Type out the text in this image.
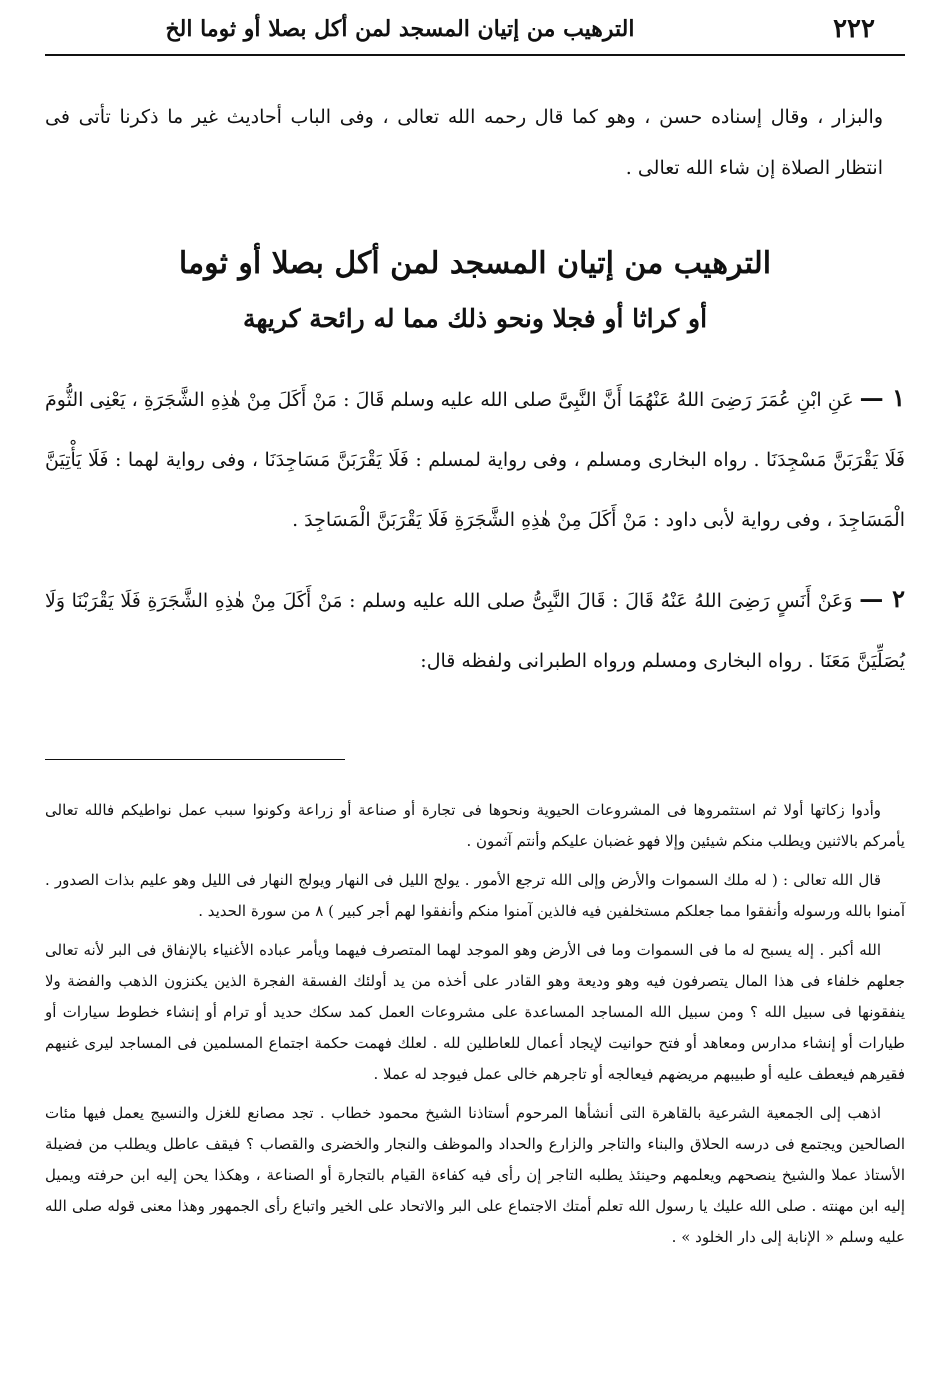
٢٢٢
الترهيب من إتيان المسجد لمن أكل بصلا أو ثوما الخ

والبزار ، وقال إسناده حسن ، وهو كما قال رحمه الله تعالى ، وفى الباب أحاديث غير ما ذكرنا تأتى فى انتظار الصلاة إن شاء الله تعالى .

الترهيب من إتيان المسجد لمن أكل بصلا أو ثوما
أو كراثا أو فجلا ونحو ذلك مما له رائحة كريهة

١ — عَنِ ابْنِ عُمَرَ رَضِىَ اللهُ عَنْهُمَا أَنَّ النَّبِىَّ صلى الله عليه وسلم قَالَ : مَنْ أَكَلَ مِنْ هٰذِهِ الشَّجَرَةِ ، يَعْنِى الثُّومَ فَلَا يَقْرَبَنَّ مَسْجِدَنَا . رواه البخارى ومسلم ، وفى رواية لمسلم : فَلَا يَقْرَبَنَّ مَسَاجِدَنَا ، وفى رواية لهما : فَلَا يَأْتِيَنَّ الْمَسَاجِدَ ، وفى رواية لأبى داود : مَنْ أَكَلَ مِنْ هٰذِهِ الشَّجَرَةِ فَلَا يَقْرَبَنَّ الْمَسَاجِدَ .

٢ — وَعَنْ أَنَسٍ رَضِىَ اللهُ عَنْهُ قَالَ : قَالَ النَّبِىُّ صلى الله عليه وسلم : مَنْ أَكَلَ مِنْ هٰذِهِ الشَّجَرَةِ فَلَا يَقْرَبْنَا وَلَا يُصَلِّيَنَّ مَعَنَا . رواه البخارى ومسلم ورواه الطبرانى ولفظه قال:

وأدوا زكاتها أولا ثم استثمروها فى المشروعات الحيوية ونحوها فى تجارة أو صناعة أو زراعة وكونوا سبب عمل نواطيكم فالله تعالى يأمركم بالاثنين ويطلب منكم شيئين وإلا فهو غضبان عليكم وأنتم آثمون .

قال الله تعالى : ( له ملك السموات والأرض وإلى الله ترجع الأمور . يولج الليل فى النهار ويولج النهار فى الليل وهو عليم بذات الصدور . آمنوا بالله ورسوله وأنفقوا مما جعلكم مستخلفين فيه فالذين آمنوا منكم وأنفقوا لهم أجر كبير ) ٨ من سورة الحديد .

الله أكبر . إله يسبح له ما فى السموات وما فى الأرض وهو الموجد لهما المتصرف فيهما ويأمر عباده الأغنياء بالإنفاق فى البر لأنه تعالى جعلهم خلفاء فى هذا المال يتصرفون فيه وهو وديعة وهو القادر على أخذه من يد أولئك الفسقة الفجرة الذين يكنزون الذهب والفضة ولا ينفقونها فى سبيل الله ؟ ومن سبيل الله المساجد المساعدة على مشروعات العمل كمد سكك حديد أو ترام أو إنشاء خطوط سيارات أو طيارات أو إنشاء مدارس ومعاهد أو فتح حوانيت لإيجاد أعمال للعاطلين لله . لعلك فهمت حكمة اجتماع المسلمين فى المساجد ليرى غنيهم فقيرهم فيعطف عليه أو طبيبهم مريضهم فيعالجه أو تاجرهم خالى عمل فيوجد له عملا .

اذهب إلى الجمعية الشرعية بالقاهرة التى أنشأها المرحوم أستاذنا الشيخ محمود خطاب . تجد مصانع للغزل والنسيج يعمل فيها مئات الصالحين ويجتمع فى درسه الحلاق والبناء والتاجر والزارع والحداد والموظف والنجار والخضرى والقصاب ؟ فيقف عاطل ويطلب من فضيلة الأستاذ عملا والشيخ ينصحهم ويعلمهم وحينئذ يطلبه التاجر إن رأى فيه كفاءة القيام بالتجارة أو الصناعة ، وهكذا يحن إليه ابن حرفته ويميل إليه ابن مهنته . صلى الله عليك يا رسول الله تعلم أمتك الاجتماع على البر والاتحاد على الخير واتباع رأى الجمهور وهذا معنى قوله صلى الله عليه وسلم « الإنابة إلى دار الخلود » .
